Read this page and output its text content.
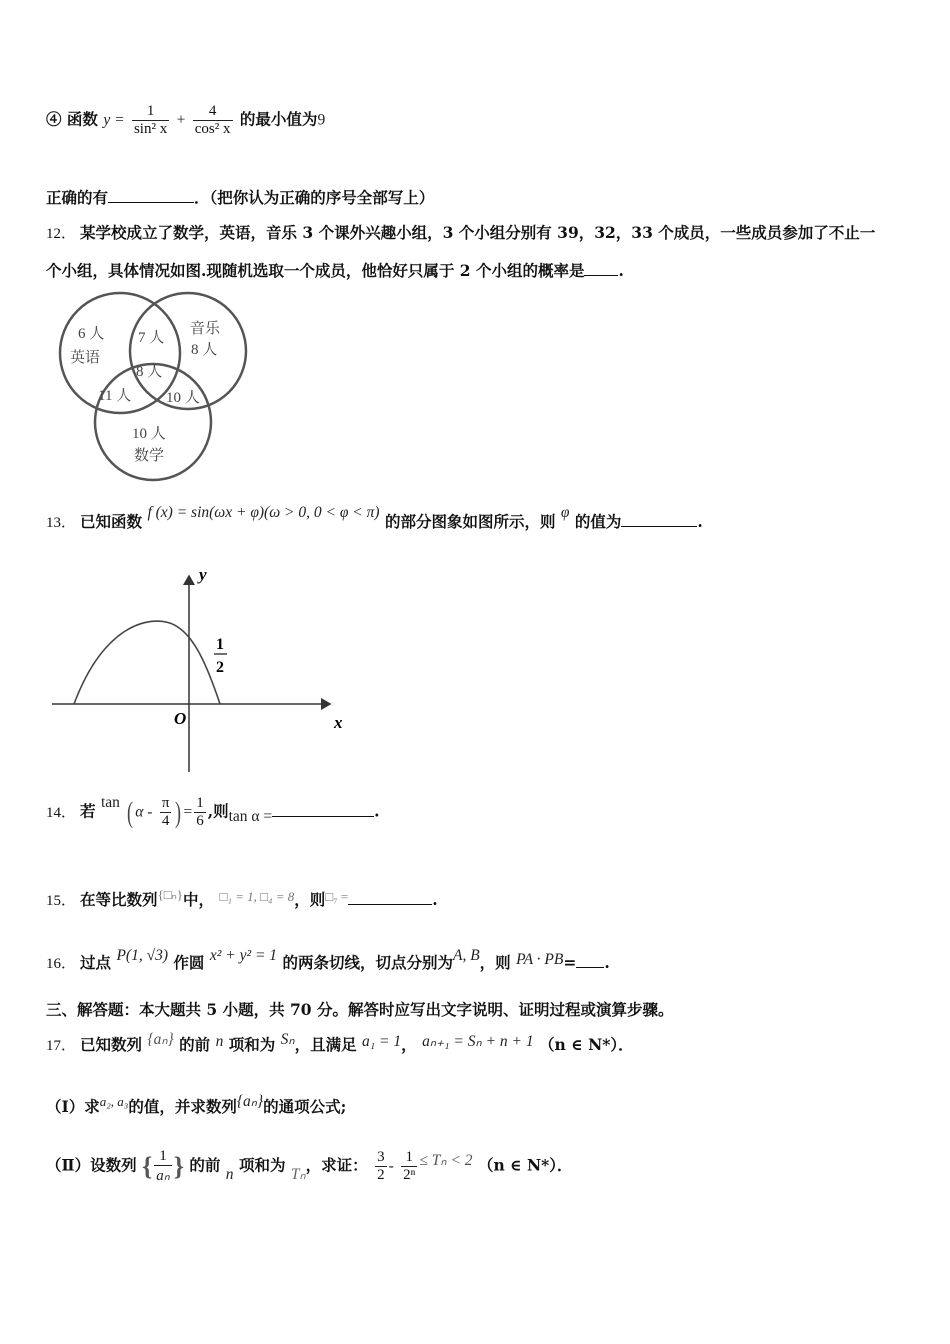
④ 函数 $y = \frac{1}{\text{sin² x}} + \frac{4}{\text{cos² x}}$ 的最小值为9
正确的有	．（把你认为正确的序号全部写上）
12． 某学校成立了数学，英语，音乐 3 个课外兴趣小组，3 个小组分别有 39，32，33 个成员，一些成员参加了不止一
个小组，具体情况如图.现随机选取一个成员，他恰好只属于 2 个小组的概率是 .
6 人
英语
7 人
音乐
8 人
8 人
11 人 10 人
10 人
数学
13． 已知函数 f (x) = sin(ωx + φ)(ω > 0, 0 < φ < π) 的部分图象如图所示，则 φ 的值为	.
y
x
O
1
2
14． 若 tan ( α - $\frac{\pi}{4}$ ) = $\frac{1}{6}$ ,则tan α =	.
15． 在等比数列$^{\{□_n\}}$中， $^{□_1 = 1, □_4 = 8}$，则$^{□_7 =}$	.
16． 过点 P(1, √3) 作圆 x² + y² = 1 的两条切线，切点分别为A, B，则 PA · PB= .
三、解答题：本大题共 5 小题，共 70 分。解答时应写出文字说明、证明过程或演算步骤。
17． 已知数列 {aₙ} 的前 n 项和为 Sₙ，且满足 a₁ = 1， aₙ₊₁ = Sₙ + n + 1 （n ∈ N*）．
（Ⅰ）求$^{a_2, a_3}$的值，并求数列{aₙ}的通项公式;
（Ⅱ）设数列 { $\frac{1}{\text{aₙ}}$ } 的前 n 项和为 Tₙ，求证： $\frac{3}{2} - \frac{1}{\text{2ⁿ}} \le T_n < 2$ （n ∈ N*）．
